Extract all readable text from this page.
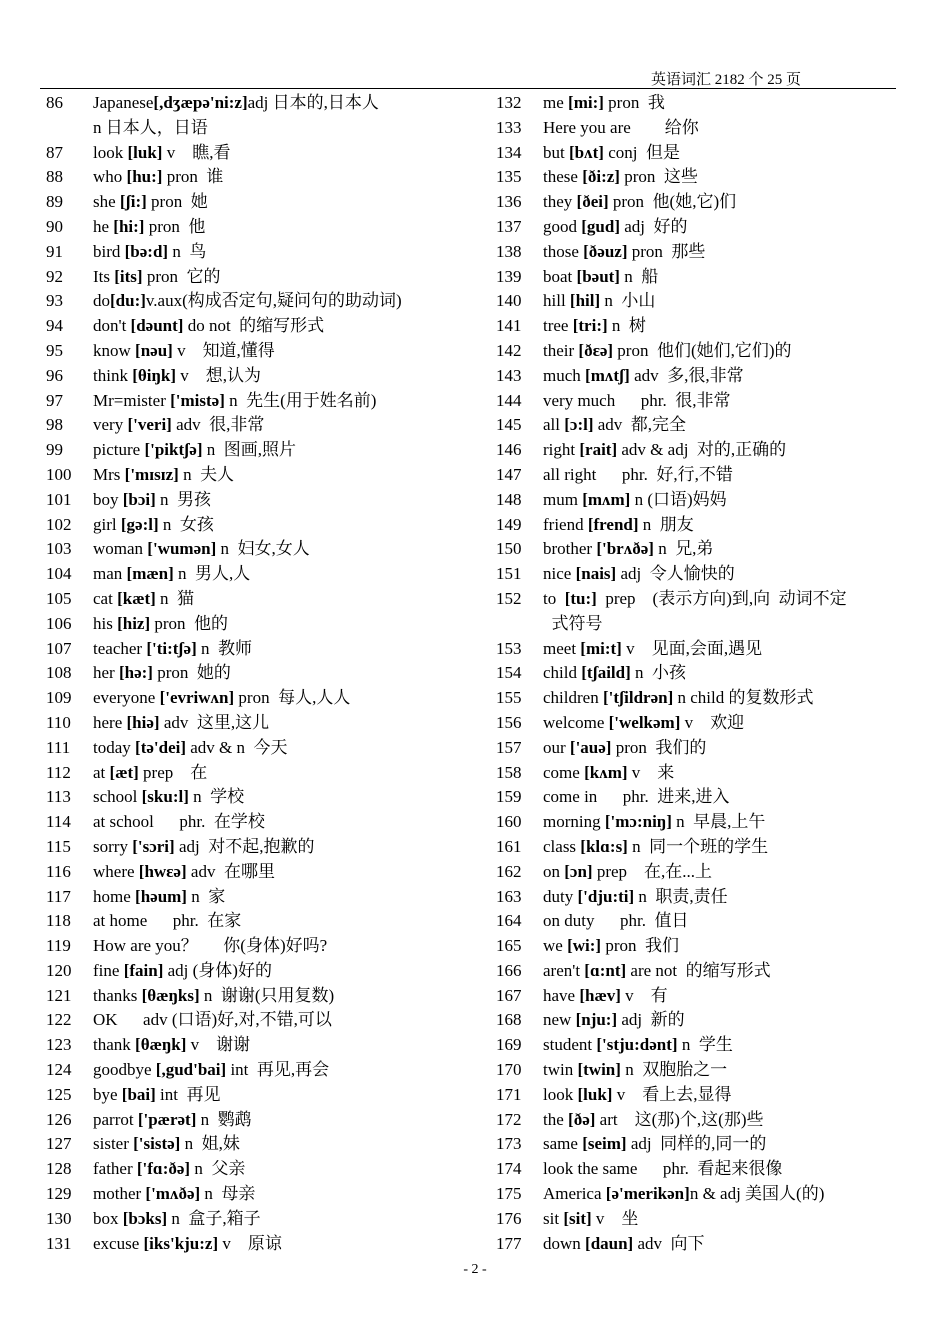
英语词汇 2182 个 25 页
86	Japanese[,dʒæpə'ni:z]adj 日本的,日本人
n 日本人，日语
87	look [luk] v    瞧,看
88	who [hu:] pron  谁
89	she [ʃi:] pron  她
90	he [hi:] pron  他
91	bird [bə:d] n  鸟
92	Its [its] pron  它的
93	do[du:]v.aux(构成否定句,疑问句的助动词)
94	don't [dəunt] do not  的缩写形式
95	know [nəu] v    知道,懂得
96	think [θiŋk] v    想,认为
97	Mr=mister ['mistə] n  先生(用于姓名前)
98	very ['veri] adv  很,非常
99	picture ['piktʃə] n  图画,照片
100	Mrs ['mɪsɪz] n  夫人
101	boy [bɔi] n  男孩
102	girl [gə:l] n  女孩
103	woman ['wumən] n  妇女,女人
104	man [mæn] n  男人,人
105	cat [kæt] n  猫
106	his [hiz] pron  他的
107	teacher ['ti:tʃə] n  教师
108	her [hə:] pron  她的
109	everyone ['evriwʌn] pron  每人,人人
110	here [hiə] adv  这里,这儿
111	today [tə'dei] adv & n  今天
112	at [æt] prep    在
113	school [sku:l] n  学校
114	at school      phr.  在学校
115	sorry ['sɔri] adj  对不起,抱歉的
116	where [hwɛə] adv  在哪里
117	home [həum] n  家
118	at home      phr.  在家
119	How are you？      你(身体)好吗?
120	fine [fain] adj (身体)好的
121	thanks [θæŋks] n  谢谢(只用复数)
122	OK      adv (口语)好,对,不错,可以
123	thank [θæŋk] v    谢谢
124	goodbye [,gud'bai] int  再见,再会
125	bye [bai] int  再见
126	parrot ['pærət] n  鹦鹉
127	sister ['sistə] n  姐,妹
128	father ['fɑ:ðə] n  父亲
129	mother ['mʌðə] n  母亲
130	box [bɔks] n  盒子,箱子
131	excuse [iks'kju:z] v    原谅
132	me [mi:] pron  我
133	Here you are        给你
134	but [bʌt] conj  但是
135	these [ði:z] pron  这些
136	they [ðei] pron  他(她,它)们
137	good [gud] adj  好的
138	those [ðəuz] pron  那些
139	boat [bəut] n  船
140	hill [hil] n  小山
141	tree [tri:] n  树
142	their [ðɛə] pron  他们(她们,它们)的
143	much [mʌtʃ] adv  多,很,非常
144	very much      phr.  很,非常
145	all [ɔ:l] adv  都,完全
146	right [rait] adv & adj  对的,正确的
147	all right      phr.  好,行,不错
148	mum [mʌm] n (口语)妈妈
149	friend [frend] n  朋友
150	brother ['brʌðə] n  兄,弟
151	nice [nais] adj  令人愉快的
152	to  [tu:]  prep    (表示方向)到,向  动词不定
式符号
153	meet [mi:t] v    见面,会面,遇见
154	child [tʃaild] n  小孩
155	children ['tʃildrən] n child 的复数形式
156	welcome ['welkəm] v    欢迎
157	our ['auə] pron  我们的
158	come [kʌm] v    来
159	come in      phr.  进来,进入
160	morning ['mɔ:niŋ] n  早晨,上午
161	class [klɑ:s] n  同一个班的学生
162	on [ɔn] prep    在,在...上
163	duty ['dju:ti] n  职责,责任
164	on duty      phr.  值日
165	we [wi:] pron  我们
166	aren't [ɑ:nt] are not  的缩写形式
167	have [hæv] v    有
168	new [nju:] adj  新的
169	student ['stju:dənt] n  学生
170	twin [twin] n  双胞胎之一
171	look [luk] v    看上去,显得
172	the [ðə] art    这(那)个,这(那)些
173	same [seim] adj  同样的,同一的
174	look the same      phr.  看起来很像
175	America [ə'merikən]n & adj 美国人(的)
176	sit [sit] v    坐
177	down [daun] adv  向下
- 2 -
